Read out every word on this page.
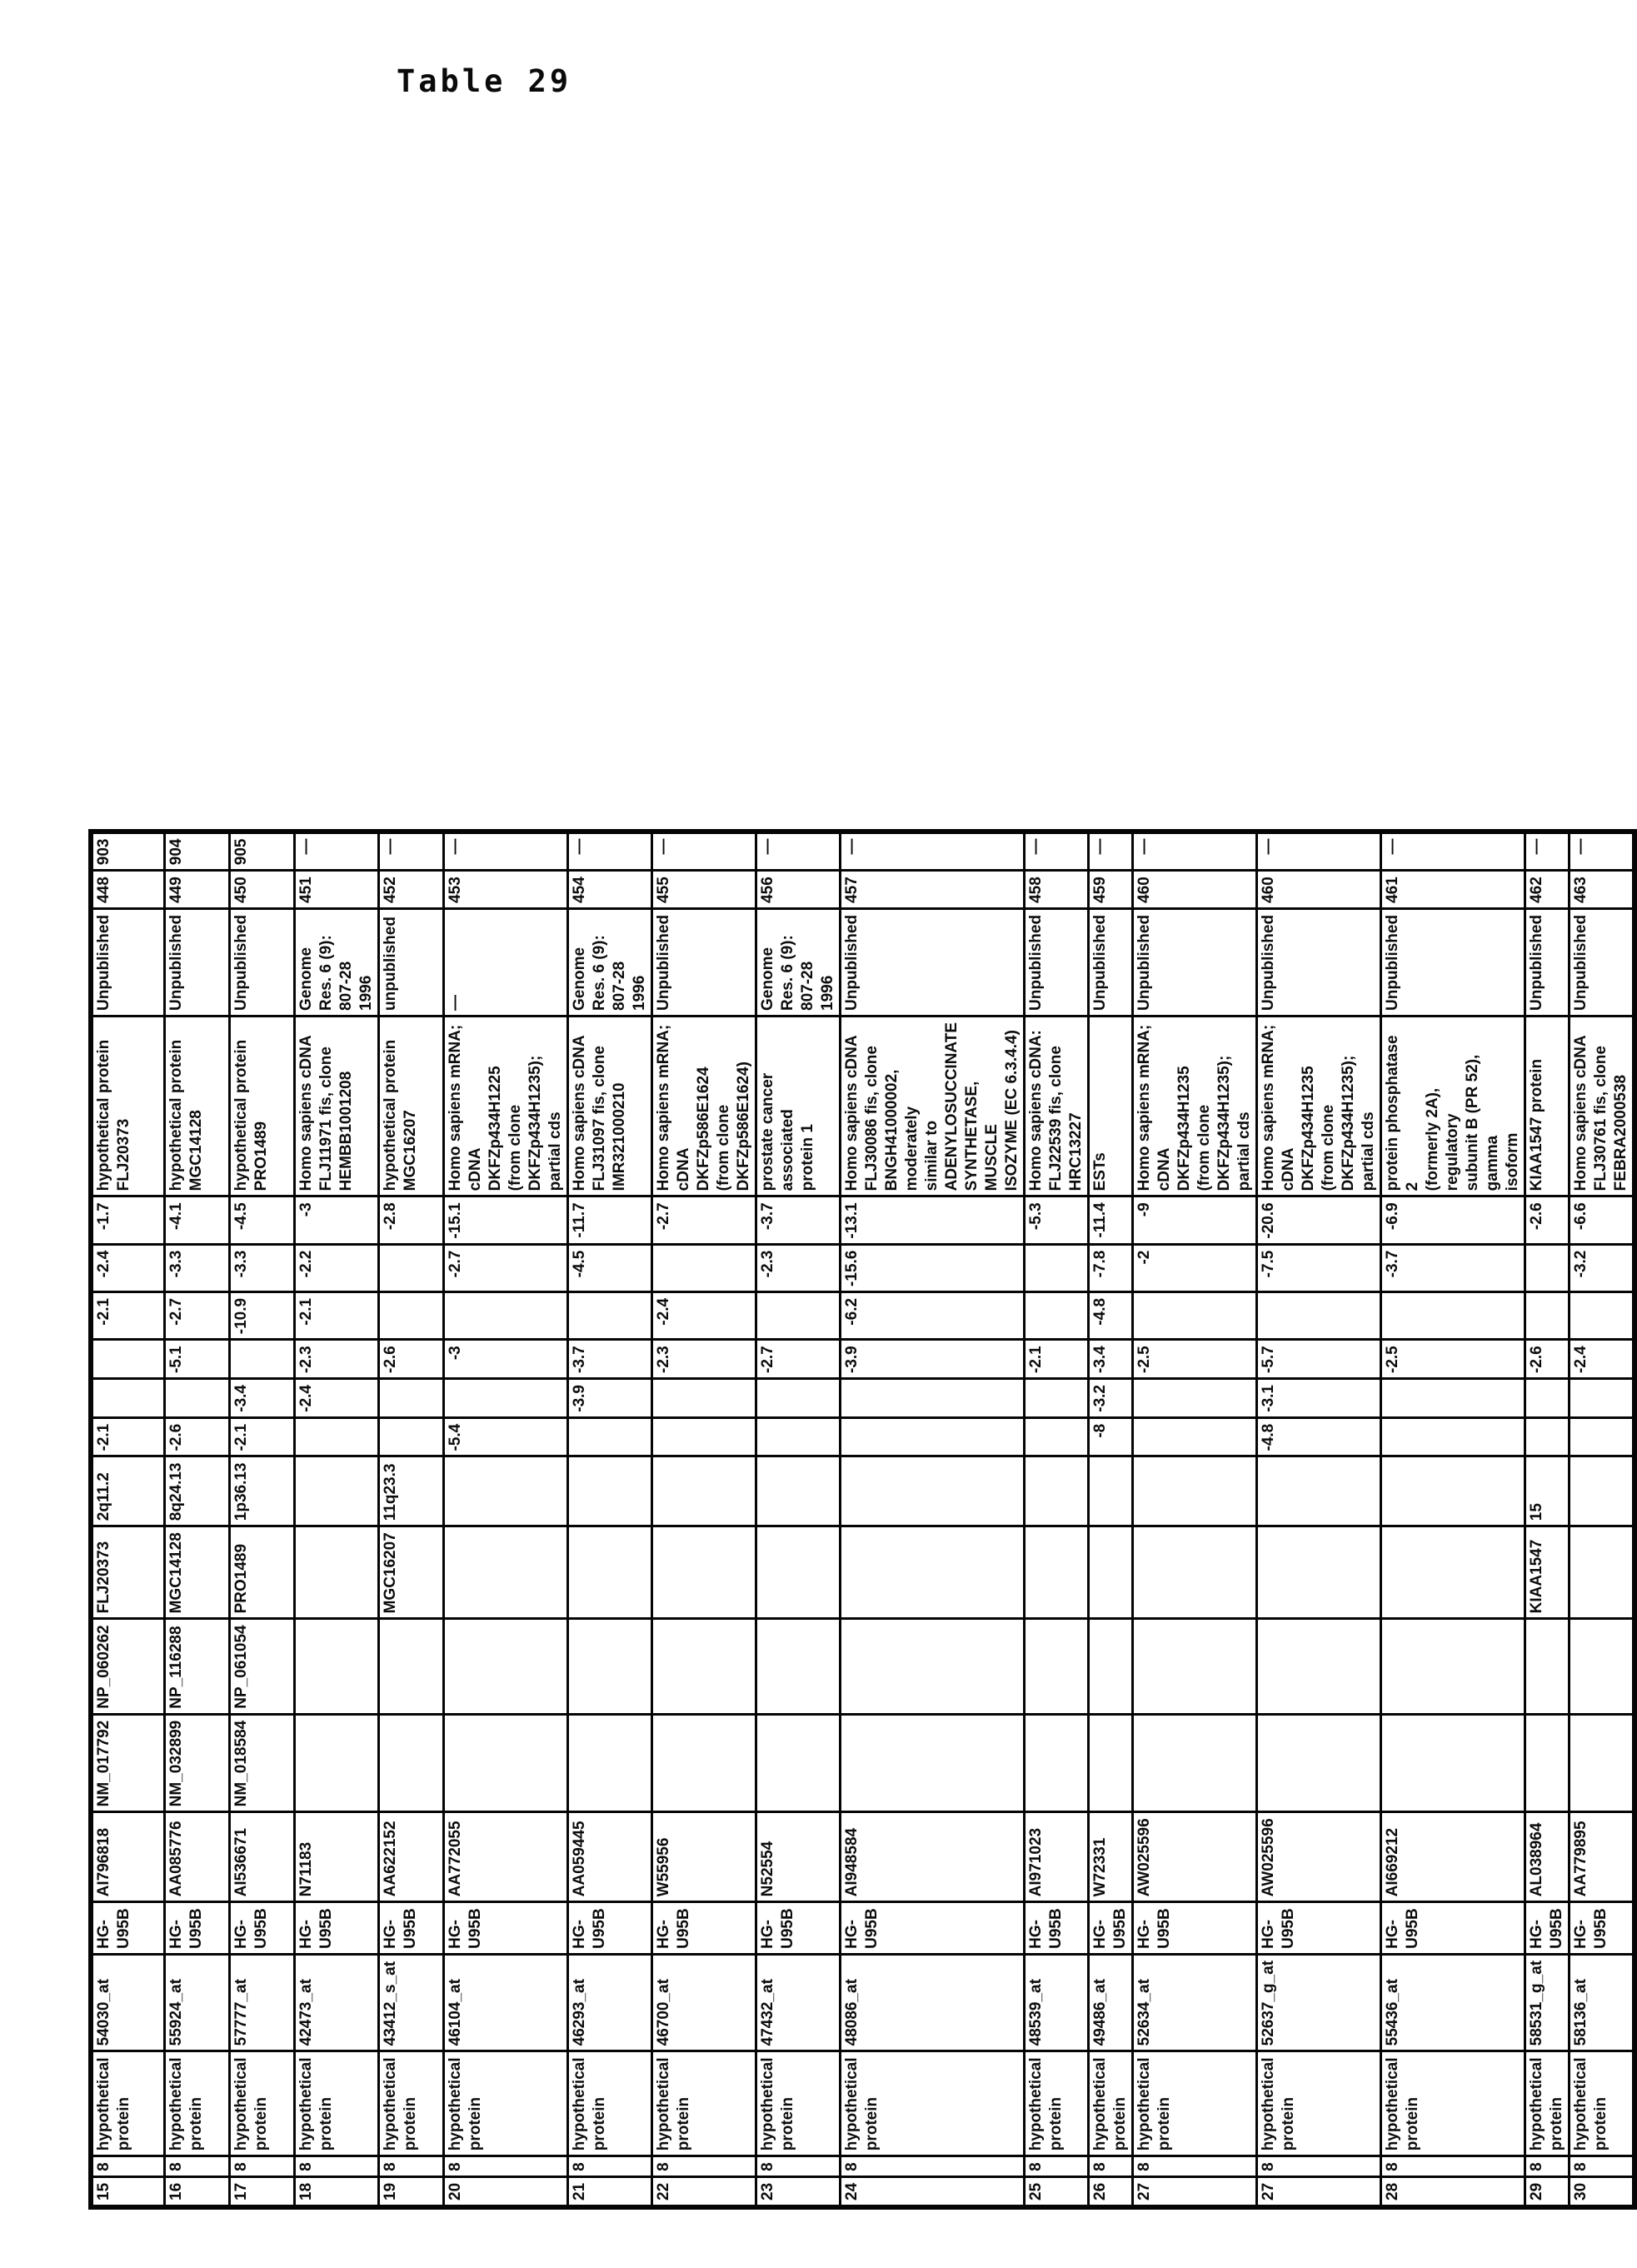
Table 29
15	8	hypothetical protein	54030_at	HG-U95B	AI796818	NM_017792	NP_060262	FLJ20373	2q11.2	-2.1			-2.1	-2.4	-1.7	hypothetical protein
FLJ20373	Unpublished	448	903
16	8	hypothetical protein	55924_at	HG-U95B	AA085776	NM_032899	NP_116288	MGC14128	8q24.13	-2.6		-5.1	-2.7	-3.3	-4.1	hypothetical protein
MGC14128	Unpublished	449	904
17	8	hypothetical protein	57777_at	HG-U95B	AI536671	NM_018584	NP_061054	PRO1489	1p36.13	-2.1	-3.4		-10.9	-3.3	-4.5	hypothetical protein
PRO1489	Unpublished	450	905
18	8	hypothetical protein	42473_at	HG-U95B	N71183						-2.4	-2.3	-2.1	-2.2	-3	Homo sapiens cDNA
FLJ11971 fis, clone
HEMBB1001208	Genome Res. 6 (9): 807-28
1996	451	—
19	8	hypothetical protein	43412_s_at	HG-U95B	AA622152			MGC16207	11q23.3			-2.6			-2.8	hypothetical protein
MGC16207	unpublished	452	—
20	8	hypothetical protein	46104_at	HG-U95B	AA772055					-5.4		-3		-2.7	-15.1	Homo sapiens mRNA; cDNA
DKFZp434H1225 (from clone
DKFZp434H1235); partial cds	—	453	—
21	8	hypothetical protein	46293_at	HG-U95B	AA059445						-3.9	-3.7		-4.5	-11.7	Homo sapiens cDNA
FLJ31097 fis, clone
IMR321000210	Genome Res. 6 (9): 807-28
1996	454	—
22	8	hypothetical protein	46700_at	HG-U95B	W55956							-2.3	-2.4		-2.7	Homo sapiens mRNA; cDNA
DKFZp586E1624 (from clone
DKFZp586E1624)	Unpublished	455	—
23	8	hypothetical protein	47432_at	HG-U95B	N52554							-2.7		-2.3	-3.7	prostate cancer associated
protein 1	Genome Res. 6 (9): 807-28
1996	456	—
24	8	hypothetical protein	48086_at	HG-U95B	AI948584							-3.9	-6.2	-15.6	-13.1	Homo sapiens cDNA
FLJ30086 fis, clone
BNGH41000002, moderately
similar to
ADENYLOSUCCINATE
SYNTHETASE, MUSCLE
ISOZYME (EC 6.3.4.4)	Unpublished	457	—
25	8	hypothetical protein	48539_at	HG-U95B	AI971023							-2.1			-5.3	Homo sapiens cDNA:
FLJ22539 fis, clone
HRC13227	Unpublished	458	—
26	8	hypothetical protein	49486_at	HG-U95B	W72331					-8	-3.2	-3.4	-4.8	-7.8	-11.4	ESTs	Unpublished	459	—
27	8	hypothetical protein	52634_at	HG-U95B	AW025596							-2.5		-2	-9	Homo sapiens mRNA; cDNA
DKFZp434H1235 (from clone
DKFZp434H1235); partial cds	Unpublished	460	—
27	8	hypothetical protein	52637_g_at	HG-U95B	AW025596					-4.8	-3.1	-5.7		-7.5	-20.6	Homo sapiens mRNA; cDNA
DKFZp434H1235 (from clone
DKFZp434H1235); partial cds	Unpublished	460	—
28	8	hypothetical protein	55436_at	HG-U95B	AI669212							-2.5		-3.7	-6.9	protein phosphatase 2
(formerly 2A), regulatory
subunit B (PR 52), gamma
isoform	Unpublished	461	—
29	8	hypothetical protein	58531_g_at	HG-U95B	AL038964			KIAA1547	15			-2.6			-2.6	KIAA1547 protein	Unpublished	462	—
30	8	hypothetical protein	58136_at	HG-U95B	AA779895							-2.4		-3.2	-6.6	Homo sapiens cDNA
FLJ30761 fis, clone
FEBRA2000538	Unpublished	463	—
